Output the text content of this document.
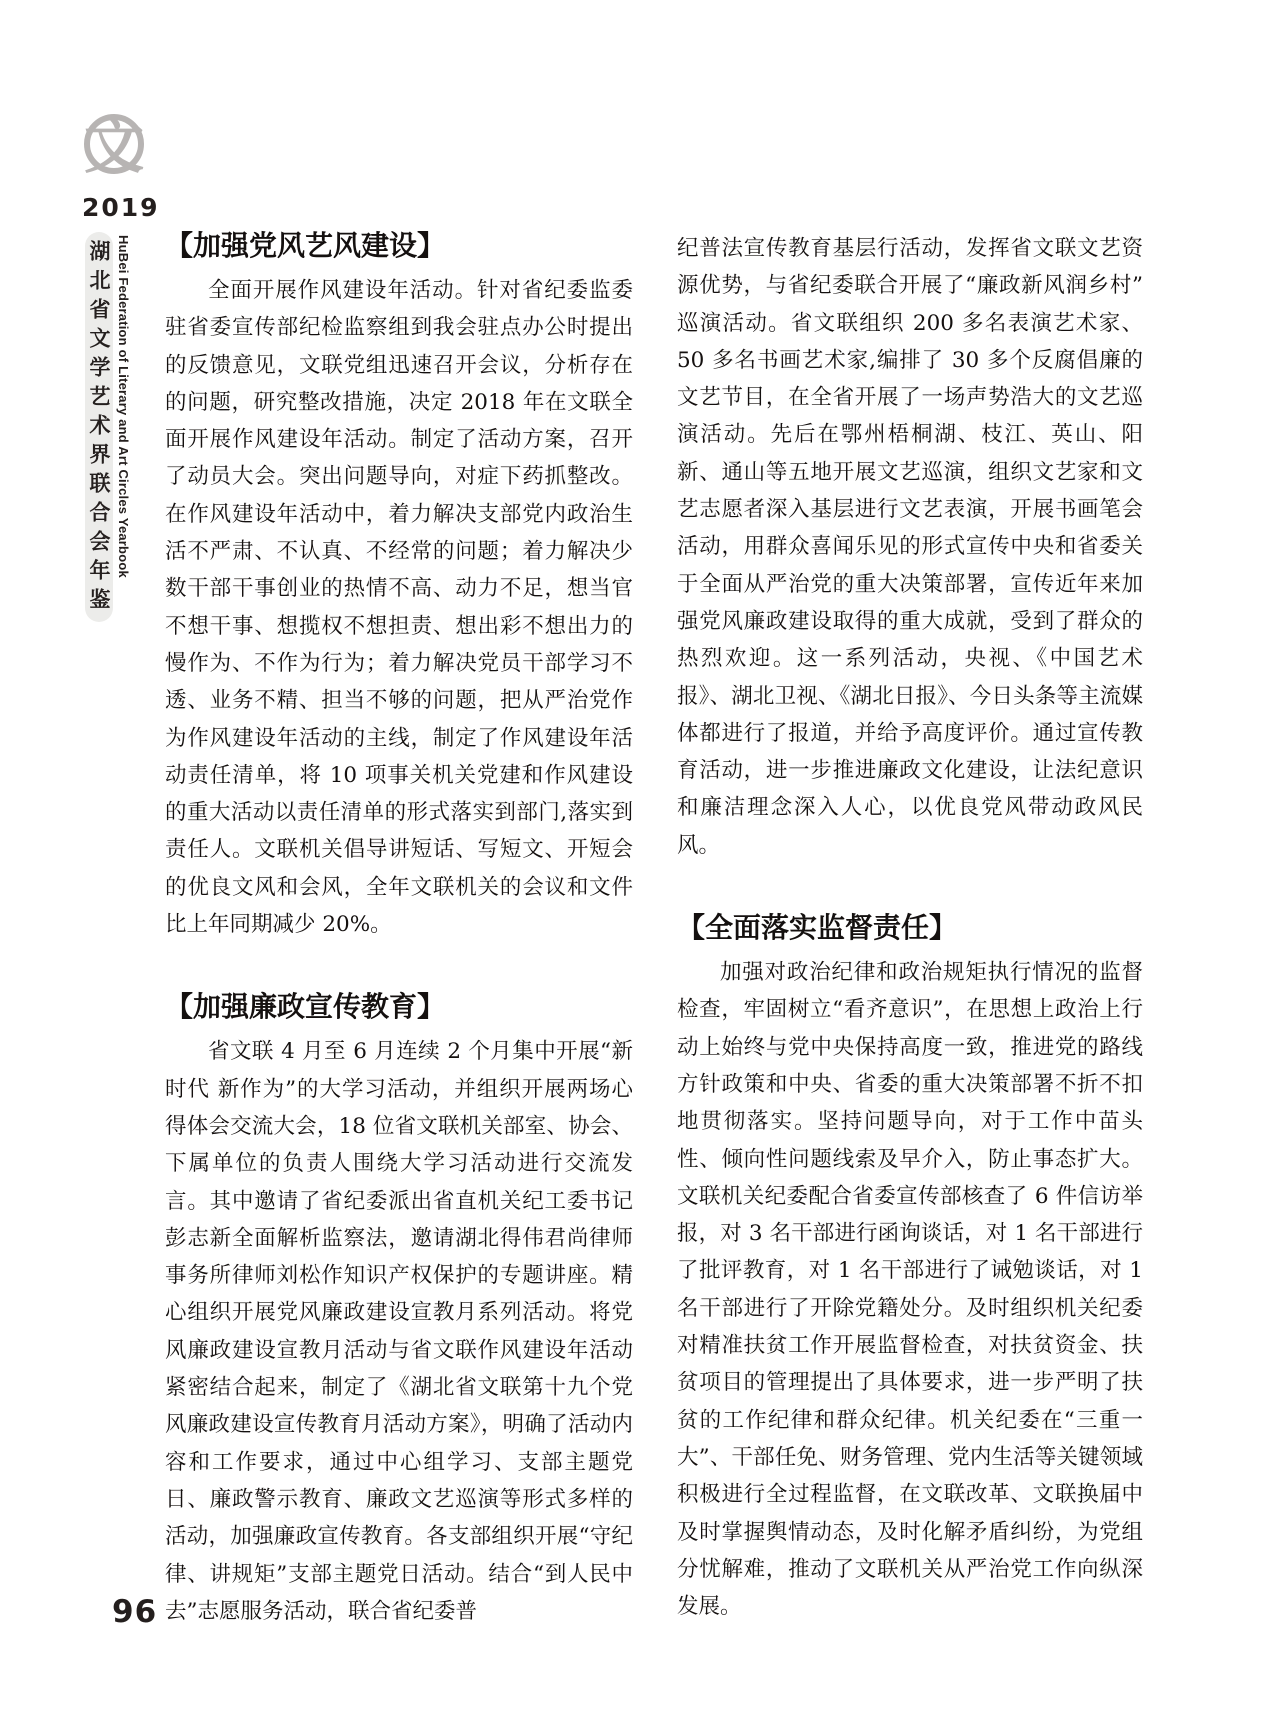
文
2019
湖北省文学艺术界联合会年鉴 HuBei Federation of Literary and Art Circles Yearbook 【加强党风艺风建设】

全面开展作风建设年活动。针对省纪委监委驻省委宣传部纪检监察组到我会驻点办公时提出的反馈意见，文联党组迅速召开会议，分析存在的问题，研究整改措施，决定 2018 年在文联全面开展作风建设年活动。制定了活动方案，召开了动员大会。突出问题导向，对症下药抓整改。在作风建设年活动中，着力解决支部党内政治生活不严肃、不认真、不经常的问题；着力解决少数干部干事创业的热情不高、动力不足，想当官不想干事、想揽权不想担责、想出彩不想出力的慢作为、不作为行为；着力解决党员干部学习不透、业务不精、担当不够的问题，把从严治党作为作风建设年活动的主线，制定了作风建设年活动责任清单，将 10 项事关机关党建和作风建设的重大活动以责任清单的形式落实到部门,落实到责任人。文联机关倡导讲短话、写短文、开短会的优良文风和会风，全年文联机关的会议和文件比上年同期减少 20%。

【加强廉政宣传教育】

省文联 4 月至 6 月连续 2 个月集中开展“新时代 新作为”的大学习活动，并组织开展两场心得体会交流大会，18 位省文联机关部室、协会、下属单位的负责人围绕大学习活动进行交流发言。其中邀请了省纪委派出省直机关纪工委书记彭志新全面解析监察法，邀请湖北得伟君尚律师事务所律师刘松作知识产权保护的专题讲座。精心组织开展党风廉政建设宣教月系列活动。将党风廉政建设宣教月活动与省文联作风建设年活动紧密结合起来，制定了《湖北省文联第十九个党风廉政建设宣传教育月活动方案》，明确了活动内容和工作要求，通过中心组学习、支部主题党日、廉政警示教育、廉政文艺巡演等形式多样的活动，加强廉政宣传教育。各支部组织开展“守纪律、讲规矩”支部主题党日活动。结合“到人民中去”志愿服务活动，联合省纪委普

纪普法宣传教育基层行活动，发挥省文联文艺资源优势，与省纪委联合开展了“廉政新风润乡村”巡演活动。省文联组织 200 多名表演艺术家、50 多名书画艺术家,编排了 30 多个反腐倡廉的文艺节目，在全省开展了一场声势浩大的文艺巡演活动。先后在鄂州梧桐湖、枝江、英山、阳新、通山等五地开展文艺巡演，组织文艺家和文艺志愿者深入基层进行文艺表演，开展书画笔会活动，用群众喜闻乐见的形式宣传中央和省委关于全面从严治党的重大决策部署，宣传近年来加强党风廉政建设取得的重大成就，受到了群众的热烈欢迎。这一系列活动，央视、《中国艺术报》、湖北卫视、《湖北日报》、今日头条等主流媒体都进行了报道，并给予高度评价。通过宣传教育活动，进一步推进廉政文化建设，让法纪意识和廉洁理念深入人心，以优良党风带动政风民风。

【全面落实监督责任】

加强对政治纪律和政治规矩执行情况的监督检查，牢固树立“看齐意识”，在思想上政治上行动上始终与党中央保持高度一致，推进党的路线方针政策和中央、省委的重大决策部署不折不扣地贯彻落实。坚持问题导向，对于工作中苗头性、倾向性问题线索及早介入，防止事态扩大。文联机关纪委配合省委宣传部核查了 6 件信访举报，对 3 名干部进行函询谈话，对 1 名干部进行了批评教育，对 1 名干部进行了诫勉谈话，对 1 名干部进行了开除党籍处分。及时组织机关纪委对精准扶贫工作开展监督检查，对扶贫资金、扶贫项目的管理提出了具体要求，进一步严明了扶贫的工作纪律和群众纪律。机关纪委在“三重一大”、干部任免、财务管理、党内生活等关键领域积极进行全过程监督，在文联改革、文联换届中及时掌握舆情动态，及时化解矛盾纠纷，为党组分忧解难，推动了文联机关从严治党工作向纵深发展。

96
